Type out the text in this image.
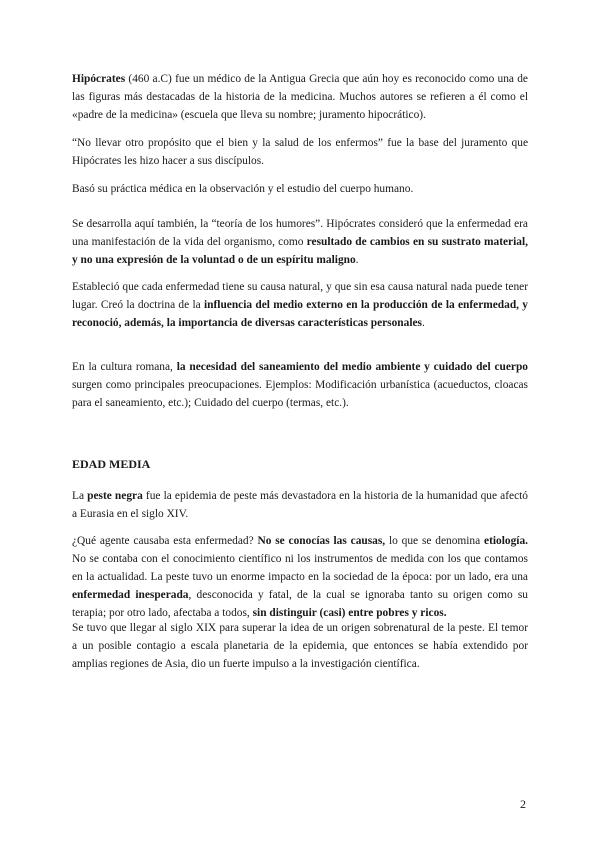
Hipócrates (460 a.C) fue un médico de la Antigua Grecia que aún hoy es reconocido como una de las figuras más destacadas de la historia de la medicina. Muchos autores se refieren a él como el «padre de la medicina» (escuela que lleva su nombre; juramento hipocrático).

“No llevar otro propósito que el bien y la salud de los enfermos” fue la base del juramento que Hipócrates les hizo hacer a sus discípulos.

Basó su práctica médica en la observación y el estudio del cuerpo humano.

Se desarrolla aquí también, la “teoría de los humores”. Hipócrates consideró que la enfermedad era una manifestación de la vida del organismo, como resultado de cambios en su sustrato material, y no una expresión de la voluntad o de un espíritu maligno.

Estableció que cada enfermedad tiene su causa natural, y que sin esa causa natural nada puede tener lugar. Creó la doctrina de la influencia del medio externo en la producción de la enfermedad, y reconoció, además, la importancia de diversas características personales.

En la cultura romana, la necesidad del saneamiento del medio ambiente y cuidado del cuerpo surgen como principales preocupaciones. Ejemplos: Modificación urbanística (acueductos, cloacas para el saneamiento, etc.); Cuidado del cuerpo (termas, etc.).

EDAD MEDIA

La peste negra fue la epidemia de peste más devastadora en la historia de la humanidad que afectó a Eurasia en el siglo XIV.

¿Qué agente causaba esta enfermedad? No se conocías las causas, lo que se denomina etiología. No se contaba con el conocimiento científico ni los instrumentos de medida con los que contamos en la actualidad. La peste tuvo un enorme impacto en la sociedad de la época: por un lado, era una enfermedad inesperada, desconocida y fatal, de la cual se ignoraba tanto su origen como su terapia; por otro lado, afectaba a todos, sin distinguir (casi) entre pobres y ricos.

Se tuvo que llegar al siglo XIX para superar la idea de un origen sobrenatural de la peste. El temor a un posible contagio a escala planetaria de la epidemia, que entonces se había extendido por amplias regiones de Asia, dio un fuerte impulso a la investigación científica.

2
